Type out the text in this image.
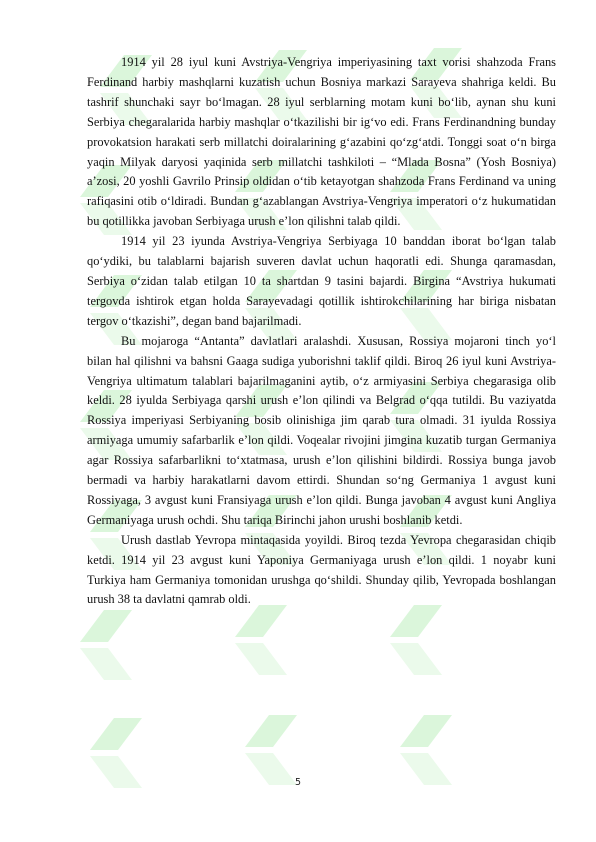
1914 yil 28 iyul kuni Avstriya-Vengriya imperiyasining taxt vorisi shahzoda Frans Ferdinand harbiy mashqlarni kuzatish uchun Bosniya markazi Sarayeva shahriga keldi. Bu tashrif shunchaki sayr bo‘lmagan. 28 iyul serblarning motam kuni bo‘lib, aynan shu kuni Serbiya chegaralarida harbiy mashqlar o‘tkazilishi bir ig‘vo edi. Frans Ferdinandning bunday provokatsion harakati serb millatchi doiralarining g‘azabini qo‘zg‘atdi. Tonggi soat o‘n birga yaqin Milyak daryosi yaqinida serb millatchi tashkiloti – “Mlada Bosna” (Yosh Bosniya) a’zosi, 20 yoshli Gavrilo Prinsip oldidan o‘tib ketayotgan shahzoda Frans Ferdinand va uning rafiqasini otib o‘ldiradi. Bundan g‘azablangan Avstriya-Vengriya imperatori o‘z hukumatidan bu qotillikka javoban Serbiyaga urush e’lon qilishni talab qildi.

1914 yil 23 iyunda Avstriya-Vengriya Serbiyaga 10 banddan iborat bo‘lgan talab qo‘ydiki, bu talablarni bajarish suveren davlat uchun haqoratli edi. Shunga qaramasdan, Serbiya o‘zidan talab etilgan 10 ta shartdan 9 tasini bajardi. Birgina “Avstriya hukumati tergovda ishtirok etgan holda Sarayevadagi qotillik ishtirokchilarining har biriga nisbatan tergov o‘tkazishi”, degan band bajarilmadi.

Bu mojaroga “Antanta” davlatlari aralashdi. Xususan, Rossiya mojaroni tinch yo‘l bilan hal qilishni va bahsni Gaaga sudiga yuborishni taklif qildi. Biroq 26 iyul kuni Avstriya-Vengriya ultimatum talablari bajarilmaganini aytib, o‘z armiyasini Serbiya chegarasiga olib keldi. 28 iyulda Serbiyaga qarshi urush e’lon qilindi va Belgrad o‘qqa tutildi. Bu vaziyatda Rossiya imperiyasi Serbiyaning bosib olinishiga jim qarab tura olmadi. 31 iyulda Rossiya armiyaga umumiy safarbarlik e’lon qildi. Voqealar rivojini jimgina kuzatib turgan Germaniya agar Rossiya safarbarlikni to‘xtatmasa, urush e’lon qilishini bildirdi. Rossiya bunga javob bermadi va harbiy harakatlarni davom ettirdi. Shundan so‘ng Germaniya 1 avgust kuni Rossiyaga, 3 avgust kuni Fransiyaga urush e’lon qildi. Bunga javoban 4 avgust kuni Angliya Germaniyaga urush ochdi. Shu tariqa Birinchi jahon urushi boshlanib ketdi.

Urush dastlab Yevropa mintaqasida yoyildi. Biroq tezda Yevropa chegarasidan chiqib ketdi. 1914 yil 23 avgust kuni Yaponiya Germaniyaga urush e’lon qildi. 1 noyabr kuni Turkiya ham Germaniya tomonidan urushga qo‘shildi. Shunday qilib, Yevropada boshlangan urush 38 ta davlatni qamrab oldi.

5
